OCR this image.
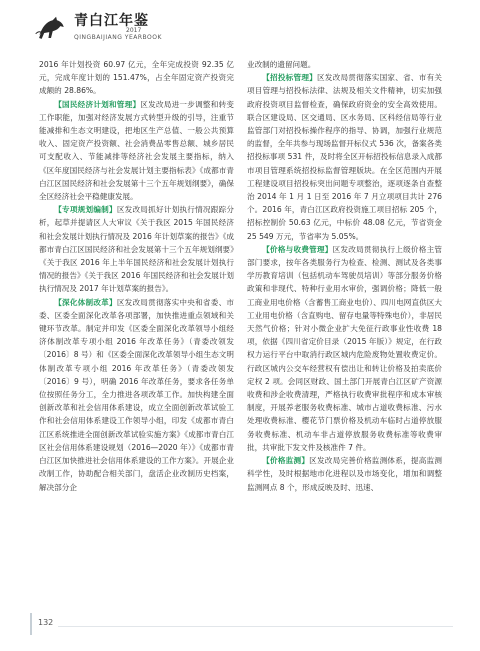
青白江年鉴
2017
QINGBAIJIANG YEARBOOK

2016 年计划投资 60.97 亿元，全年完成投资 92.35 亿元，完成年度计划的 151.47%，占全年固定资产投资完成额的 28.86%。

【国民经济计划和管理】区发改局进一步调整和转变工作职能，加强对经济发展方式转型升级的引导，注重节能减排和生态文明建设，把地区生产总值、一般公共预算收入、固定资产投资额、社会消费品零售总额、城乡居民可支配收入、节能减排等经济社会发展主要指标，纳入《区年度国民经济与社会发展计划主要指标表》《成都市青白江区国民经济和社会发展第十三个五年规划纲要》，确保全区经济社会平稳健康发展。

【专项规划编制】区发改局抓好计划执行情况跟踪分析，起草并提请区人大审议《关于我区 2015 年国民经济和社会发展计划执行情况及 2016 年计划草案的报告》《成都市青白江区国民经济和社会发展第十三个五年规划纲要》《关于我区 2016 年上半年国民经济和社会发展计划执行情况的报告》《关于我区 2016 年国民经济和社会发展计划执行情况及 2017 年计划草案的报告》。

【深化体制改革】区发改局贯彻落实中央和省委、市委、区委全面深化改革各项部署，加快推进重点领域和关键环节改革。制定并印发《区委全面深化改革领导小组经济体制改革专项小组 2016 年改革任务》（青委改领发〔2016〕8 号）和《区委全面深化改革领导小组生态文明体制改革专项小组 2016 年改革任务》（青委改领发〔2016〕9 号），明确 2016 年改革任务，要求各任务单位按照任务分工，全力推进各项改革工作。加快构建全面创新改革和社会信用体系建设，成立全面创新改革试验工作和社会信用体系建设工作领导小组，印发《成都市青白江区系统推进全面创新改革试验实施方案》《成都市青白江区社会信用体系建设规划（2016—2020 年）》《成都市青白江区加快推进社会信用体系建设的工作方案》。开展企业改制工作，协助配合相关部门，盘活企业改制历史档案，解决部分企

业改制的遗留问题。

【招投标管理】区发改局贯彻落实国家、省、市有关项目管理与招投标法律、法规及相关文件精神，切实加强政府投资项目监督检查，确保政府资金的安全高效使用。联合区建设局、区交通局、区水务局、区科经信局等行业监管部门对招投标操作程序的指导、协调，加强行业规范的监督，全年共参与现场监督开标仪式 536 次，备案各类招投标事项 531 件，及时将全区开标招投标信息录入成都市项目管理系统招投标监督管理版块。在全区范围内开展工程建设项目招投标突出问题专项整治，逐项逐条自查整治 2014 年 1 月 1 日至 2016 年 7 月立项项目共计 276 个。2016 年，青白江区政府投资施工项目招标 205 个，招标控制价 50.63 亿元，中标价 48.08 亿元，节省资金 25 549 万元，节省率为 5.05%。

【价格与收费管理】区发改局贯彻执行上级价格主管部门要求，按年各类服务行为检查、检测、测试及各类事学历教育培训（包括机动车驾驶员培训）等部分服务价格政策和非现代、特种行业用水审价，强调价格；降低一般工商业用电价格（含蓄售工商业电价）、四川电网直供区大工业用电价格（含直购电、留存电量等特殊电价），非居民天然气价格；针对小微企业扩大免征行政事业性收费 18 项，依据《四川省定价目录（2015 年版）》规定，在行政权力运行平台中取消行政区城内危险废物处置收费定价。行政区城内公交车经营权有偿出让和转让价格及拍卖底价定权 2 项。会同区财政、国土部门开展青白江区矿产资源收费和涉企收费清理，严格执行收费审批程序和成本审核制度，开展养老服务收费标准、城市占道收费标准、污水处理收费标准、樱花节门票价格及机动车临时占道停放服务收费标准、机动车非占道停放服务收费标准等收费审批，共审批下发文件及核准件 7 件。

【价格监测】区发改局完善价格监测体系，提高监测科学性，及时根据地市化进程以及市场变化，增加和调整监测网点 8 个，形成反映及时、迅速、

132
